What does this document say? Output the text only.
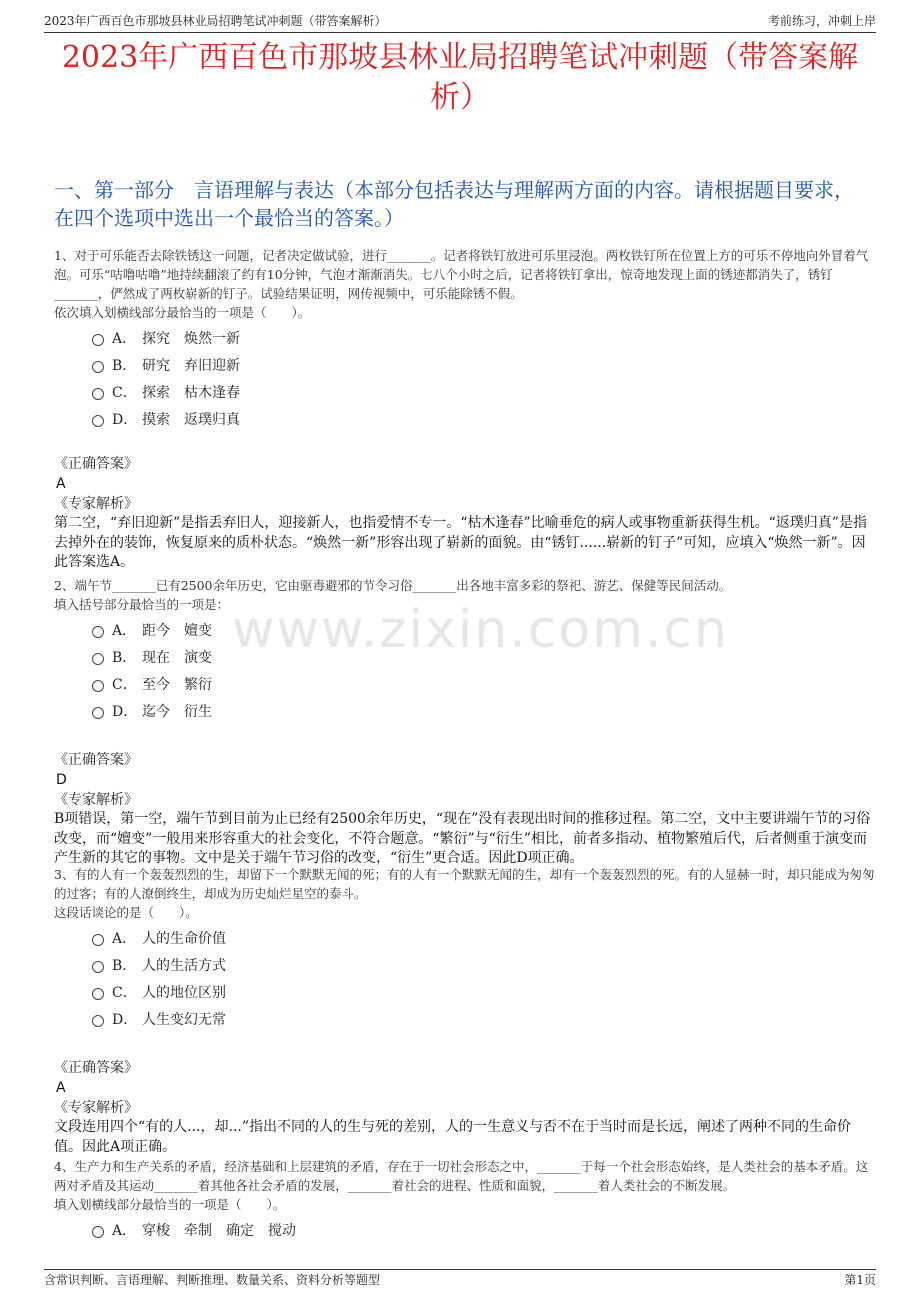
2023年广西百色市那坡县林业局招聘笔试冲刺题（带答案解析）	考前练习，冲刺上岸
2023年广西百色市那坡县林业局招聘笔试冲刺题（带答案解析）
一、第一部分　言语理解与表达（本部分包括表达与理解两方面的内容。请根据题目要求，在四个选项中选出一个最恰当的答案。）
www.zixin.com.cn
1、对于可乐能否去除铁锈这一问题，记者决定做试验，进行_______。记者将铁钉放进可乐里浸泡。两枚铁钉所在位置上方的可乐不停地向外冒着气泡。可乐“咕噜咕噜”地持续翻滚了约有10分钟，气泡才渐渐消失。七八个小时之后，记者将铁钉拿出，惊奇地发现上面的锈迹都消失了，锈钉_______，俨然成了两枚崭新的钉子。试验结果证明，网传视频中，可乐能除锈不假。
依次填入划横线部分最恰当的一项是（　　）。
A． 探究 焕然一新
B． 研究 弃旧迎新
C． 探索 枯木逢春
D． 摸索 返璞归真
《正确答案》
A
《专家解析》
第二空，“弃旧迎新”是指丢弃旧人，迎接新人，也指爱情不专一。“枯木逢春”比喻垂危的病人或事物重新获得生机。“返璞归真”是指去掉外在的装饰，恢复原来的质朴状态。“焕然一新”形容出现了崭新的面貌。由“锈钉......崭新的钉子”可知，应填入“焕然一新”。因此答案选A。
2、端午节_______已有2500余年历史，它由驱毒避邪的节令习俗_______出各地丰富多彩的祭祀、游艺、保健等民间活动。
填入括号部分最恰当的一项是：
A． 距今 嬗变
B． 现在 演变
C． 至今 繁衍
D． 迄今 衍生
《正确答案》
D
《专家解析》
B项错误，第一空，端午节到目前为止已经有2500余年历史，“现在”没有表现出时间的推移过程。第二空，文中主要讲端午节的习俗改变，而“嬗变”一般用来形容重大的社会变化，不符合题意。“繁衍”与“衍生”相比，前者多指动、植物繁殖后代，后者侧重于演变而产生新的其它的事物。文中是关于端午节习俗的改变，“衍生”更合适。因此D项正确。
3、有的人有一个轰轰烈烈的生，却留下一个默默无闻的死；有的人有一个默默无闻的生，却有一个轰轰烈烈的死。有的人显赫一时，却只能成为匆匆的过客；有的人潦倒终生，却成为历史灿烂星空的泰斗。
这段话谈论的是（　　）。
A． 人的生命价值
B． 人的生活方式
C． 人的地位区别
D． 人生变幻无常
《正确答案》
A
《专家解析》
文段连用四个“有的人...，却...”指出不同的人的生与死的差别，人的一生意义与否不在于当时而是长远，阐述了两种不同的生命价值。因此A项正确。
4、生产力和生产关系的矛盾，经济基础和上层建筑的矛盾，存在于一切社会形态之中，_______于每一个社会形态始终，是人类社会的基本矛盾。这两对矛盾及其运动_______着其他各社会矛盾的发展，_______着社会的进程、性质和面貌，_______着人类社会的不断发展。
填入划横线部分最恰当的一项是（　　）。
A． 穿梭 牵制 确定 搅动
含常识判断、言语理解、判断推理、数量关系、资料分析等题型	第1页
